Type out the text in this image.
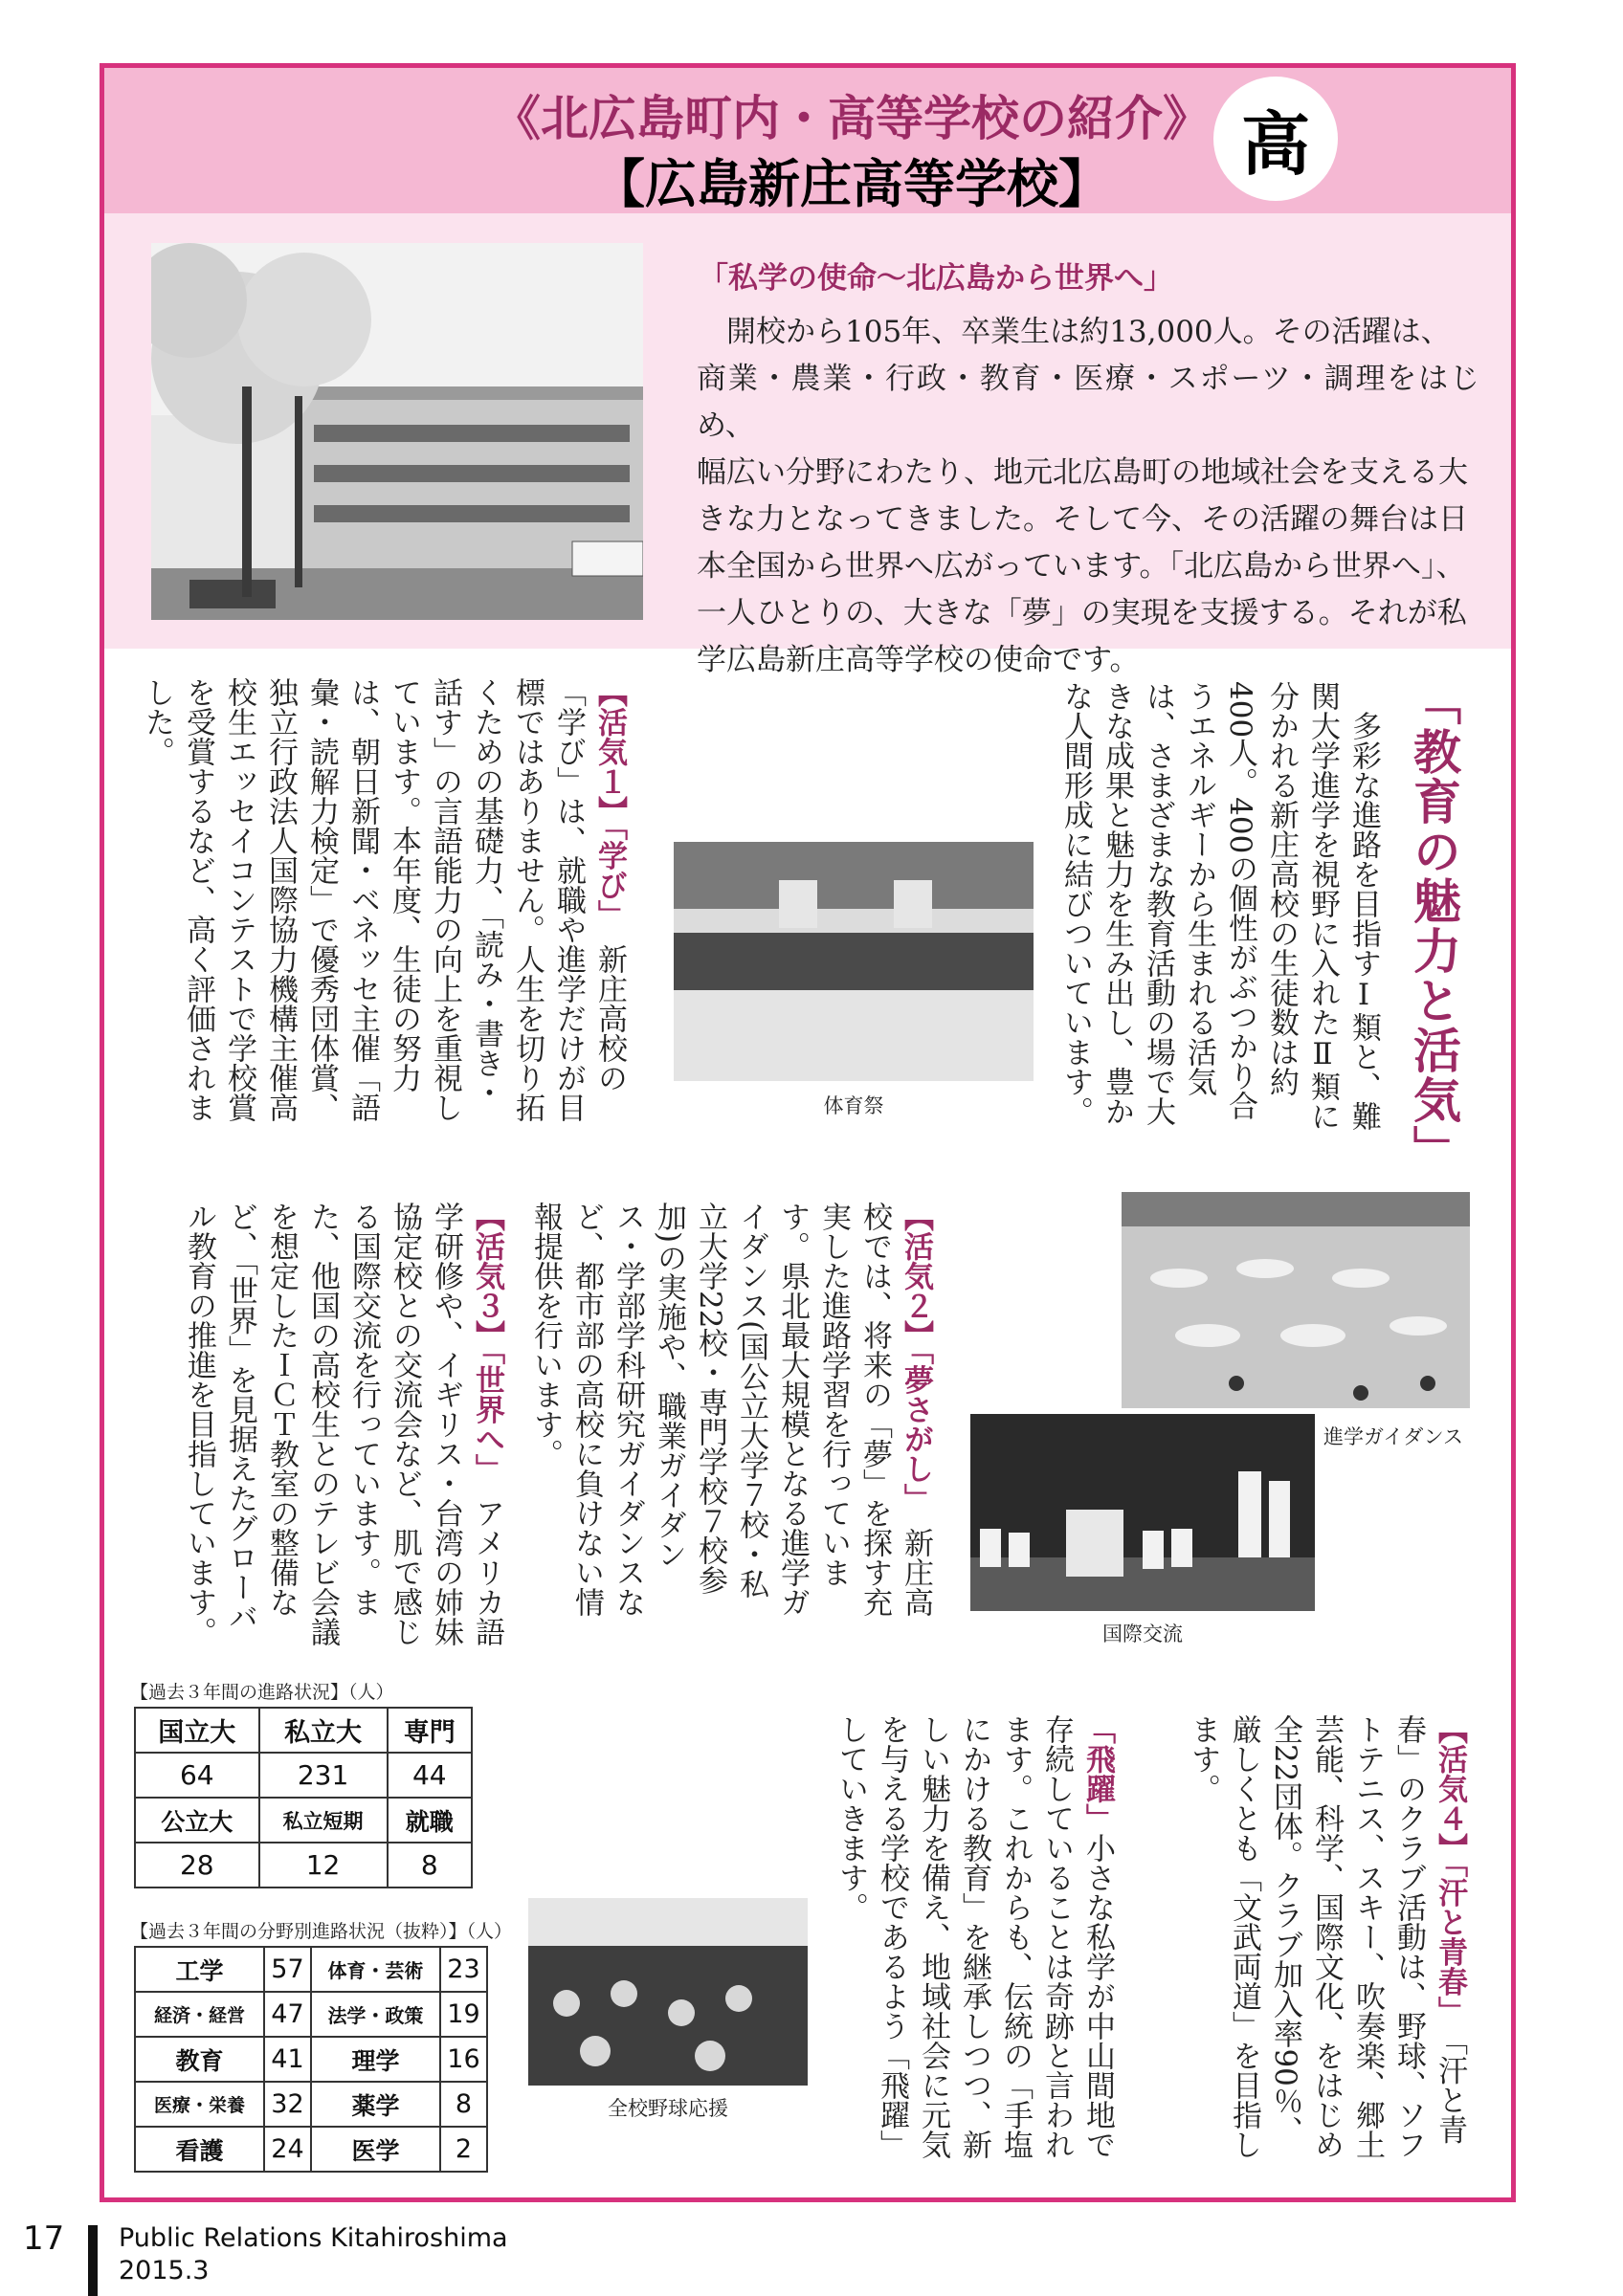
《北広島町内・高等学校の紹介》
【広島新庄高等学校】	高
「私学の使命～北広島から世界へ」
開校から105年、卒業生は約13,000人。その活躍は、
商業・農業・行政・教育・医療・スポーツ・調理をはじめ、
幅広い分野にわたり、地元北広島町の地域社会を支える大
きな力となってきました。そして今、その活躍の舞台は日
本全国から世界へ広がっています。「北広島から世界へ」、
一人ひとりの、大きな「夢」の実現を支援する。それが私
学広島新庄高等学校の使命です。
「教育の魅力と活気」
　多彩な進路を目指すⅠ類と、難関大学進学を視野に入れたⅡ類に分かれる新庄高校の生徒数は約400人。400の個性がぶつかり合うエネルギーから生まれる活気は、さまざまな教育活動の場で大きな成果と魅力を生み出し、豊かな人間形成に結びついています。
体育祭
【活気１】「学び」　新庄高校の「学び」は、就職や進学だけが目標ではありません。人生を切り拓くための基礎力、「読み・書き・話す」の言語能力の向上を重視しています。本年度、生徒の努力は、朝日新聞・ベネッセ主催「語彙・読解力検定」で優秀団体賞、独立行政法人国際協力機構主催高校生エッセイコンテストで学校賞を受賞するなど、高く評価されました。
進学ガイダンス
国際交流
【活気２】「夢さがし」　新庄高校では、将来の「夢」を探す充実した進路学習を行っています。県北最大規模となる進学ガイダンス(国公立大学７校・私立大学22校・専門学校７校参加)の実施や、職業ガイダンス・学部学科研究ガイダンスなど、都市部の高校に負けない情報提供を行います。
【活気３】「世界へ」　アメリカ語学研修や、イギリス・台湾の姉妹協定校との交流会など、肌で感じる国際交流を行っています。また、他国の高校生とのテレビ会議を想定したＩＣＴ教室の整備など、「世界」を見据えたグローバル教育の推進を目指しています。
【活気４】「汗と青春」　「汗と青春」のクラブ活動は、野球、ソフトテニス、スキー、吹奏楽、郷土芸能、科学、国際文化、をはじめ全22団体。クラブ加入率90％、厳しくとも「文武両道」を目指します。
「飛躍」小さな私学が中山間地で存続していることは奇跡と言われます。これからも、伝統の「手塩にかける教育」を継承しつつ、新しい魅力を備え、地域社会に元気を与える学校であるよう「飛躍」していきます。
全校野球応援
【過去３年間の進路状況】（人）
国立大	私立大	専門
64	231	44
公立大	私立短期	就職
28	12	8
【過去３年間の分野別進路状況（抜粋）】（人）
工学	57	体育・芸術	23
経済・経営	47	法学・政策	19
教育	41	理学	16
医療・栄養	32	薬学	8
看護	24	医学	2
17 Public Relations Kitahiroshima
2015.3
